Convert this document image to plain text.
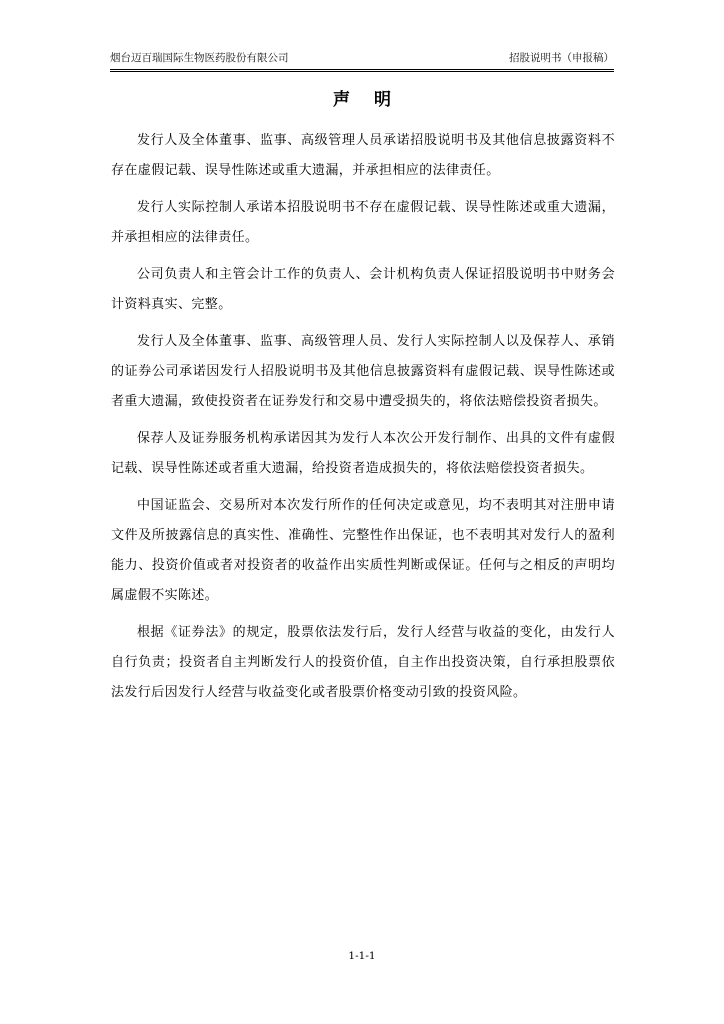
烟台迈百瑞国际生物医药股份有限公司	招股说明书（申报稿）
声明

发行人及全体董事、监事、高级管理人员承诺招股说明书及其他信息披露资料不存在虚假记载、误导性陈述或重大遗漏，并承担相应的法律责任。

发行人实际控制人承诺本招股说明书不存在虚假记载、误导性陈述或重大遗漏，并承担相应的法律责任。

公司负责人和主管会计工作的负责人、会计机构负责人保证招股说明书中财务会计资料真实、完整。

发行人及全体董事、监事、高级管理人员、发行人实际控制人以及保荐人、承销的证券公司承诺因发行人招股说明书及其他信息披露资料有虚假记载、误导性陈述或者重大遗漏，致使投资者在证券发行和交易中遭受损失的，将依法赔偿投资者损失。

保荐人及证券服务机构承诺因其为发行人本次公开发行制作、出具的文件有虚假记载、误导性陈述或者重大遗漏，给投资者造成损失的，将依法赔偿投资者损失。

中国证监会、交易所对本次发行所作的任何决定或意见，均不表明其对注册申请文件及所披露信息的真实性、准确性、完整性作出保证，也不表明其对发行人的盈利能力、投资价值或者对投资者的收益作出实质性判断或保证。任何与之相反的声明均属虚假不实陈述。

根据《证券法》的规定，股票依法发行后，发行人经营与收益的变化，由发行人自行负责；投资者自主判断发行人的投资价值，自主作出投资决策，自行承担股票依法发行后因发行人经营与收益变化或者股票价格变动引致的投资风险。

1-1-1
